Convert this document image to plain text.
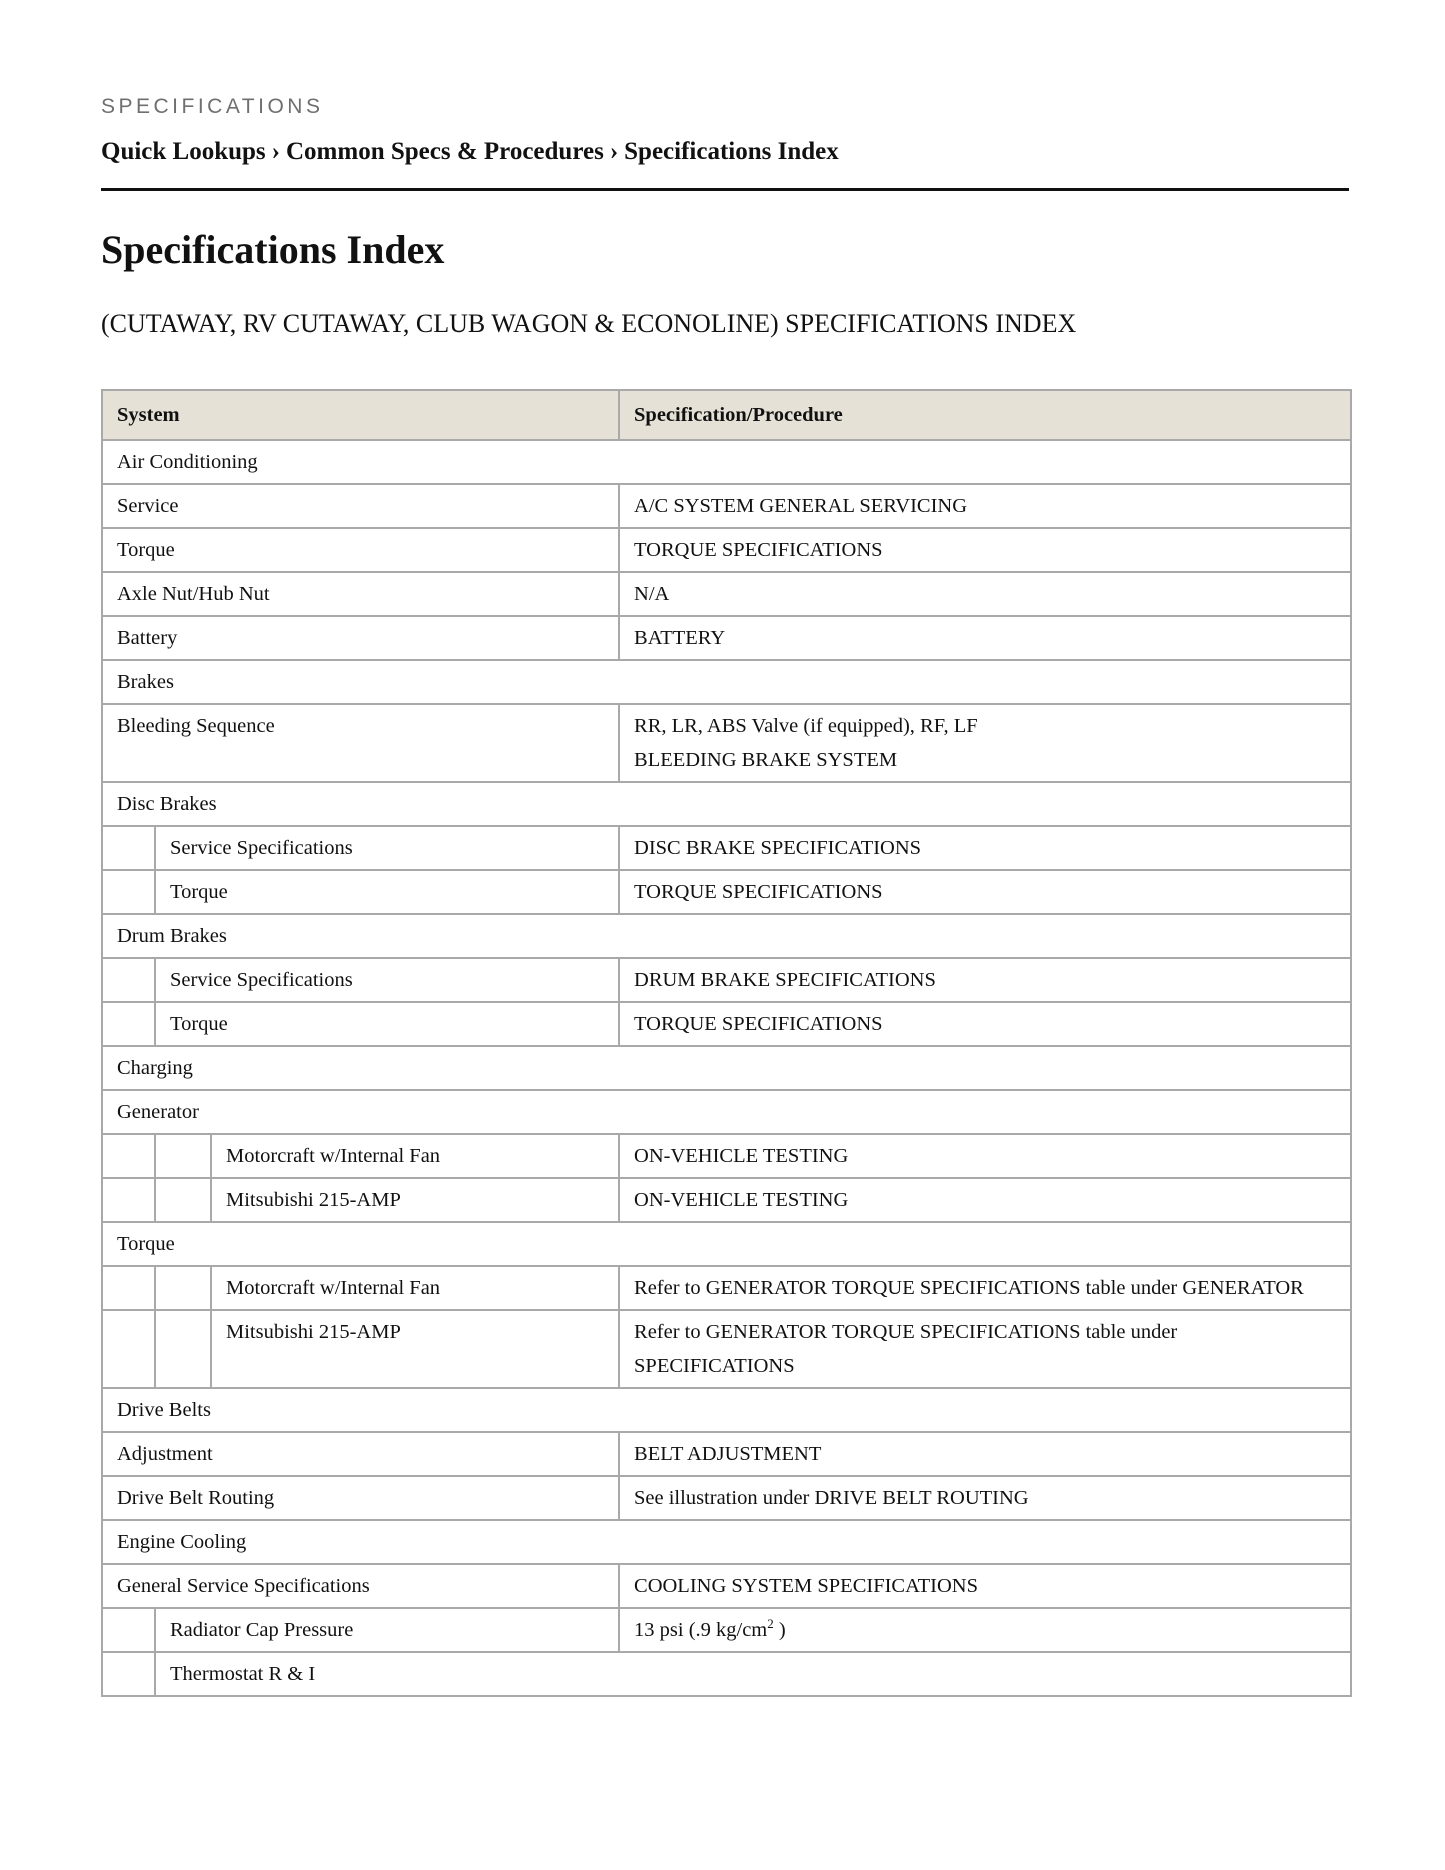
SPECIFICATIONS
Quick Lookups › Common Specs & Procedures › Specifications Index
Specifications Index
(CUTAWAY, RV CUTAWAY, CLUB WAGON & ECONOLINE) SPECIFICATIONS INDEX
System			Specification/Procedure
Air Conditioning			
Service			A/C SYSTEM GENERAL SERVICING
Torque			TORQUE SPECIFICATIONS
Axle Nut/Hub Nut			N/A
Battery			BATTERY
Brakes			
Bleeding Sequence			RR, LR, ABS Valve (if equipped), RF, LF
BLEEDING BRAKE SYSTEM

Disc Brakes			
	Service Specifications		DISC BRAKE SPECIFICATIONS
	Torque		TORQUE SPECIFICATIONS
Drum Brakes			
	Service Specifications		DRUM BRAKE SPECIFICATIONS
	Torque		TORQUE SPECIFICATIONS
Charging			
Generator			
		Motorcraft w/Internal Fan	ON-VEHICLE TESTING
		Mitsubishi 215-AMP	ON-VEHICLE TESTING
Torque			
		Motorcraft w/Internal Fan	Refer to GENERATOR TORQUE SPECIFICATIONS table under GENERATOR
		Mitsubishi 215-AMP	Refer to GENERATOR TORQUE SPECIFICATIONS table under SPECIFICATIONS
Drive Belts			
Adjustment			BELT ADJUSTMENT
Drive Belt Routing			See illustration under DRIVE BELT ROUTING
Engine Cooling			
General Service Specifications			COOLING SYSTEM SPECIFICATIONS
	Radiator Cap Pressure		13 psi (.9 $kg/cm^2$ )
	Thermostat R & I		
